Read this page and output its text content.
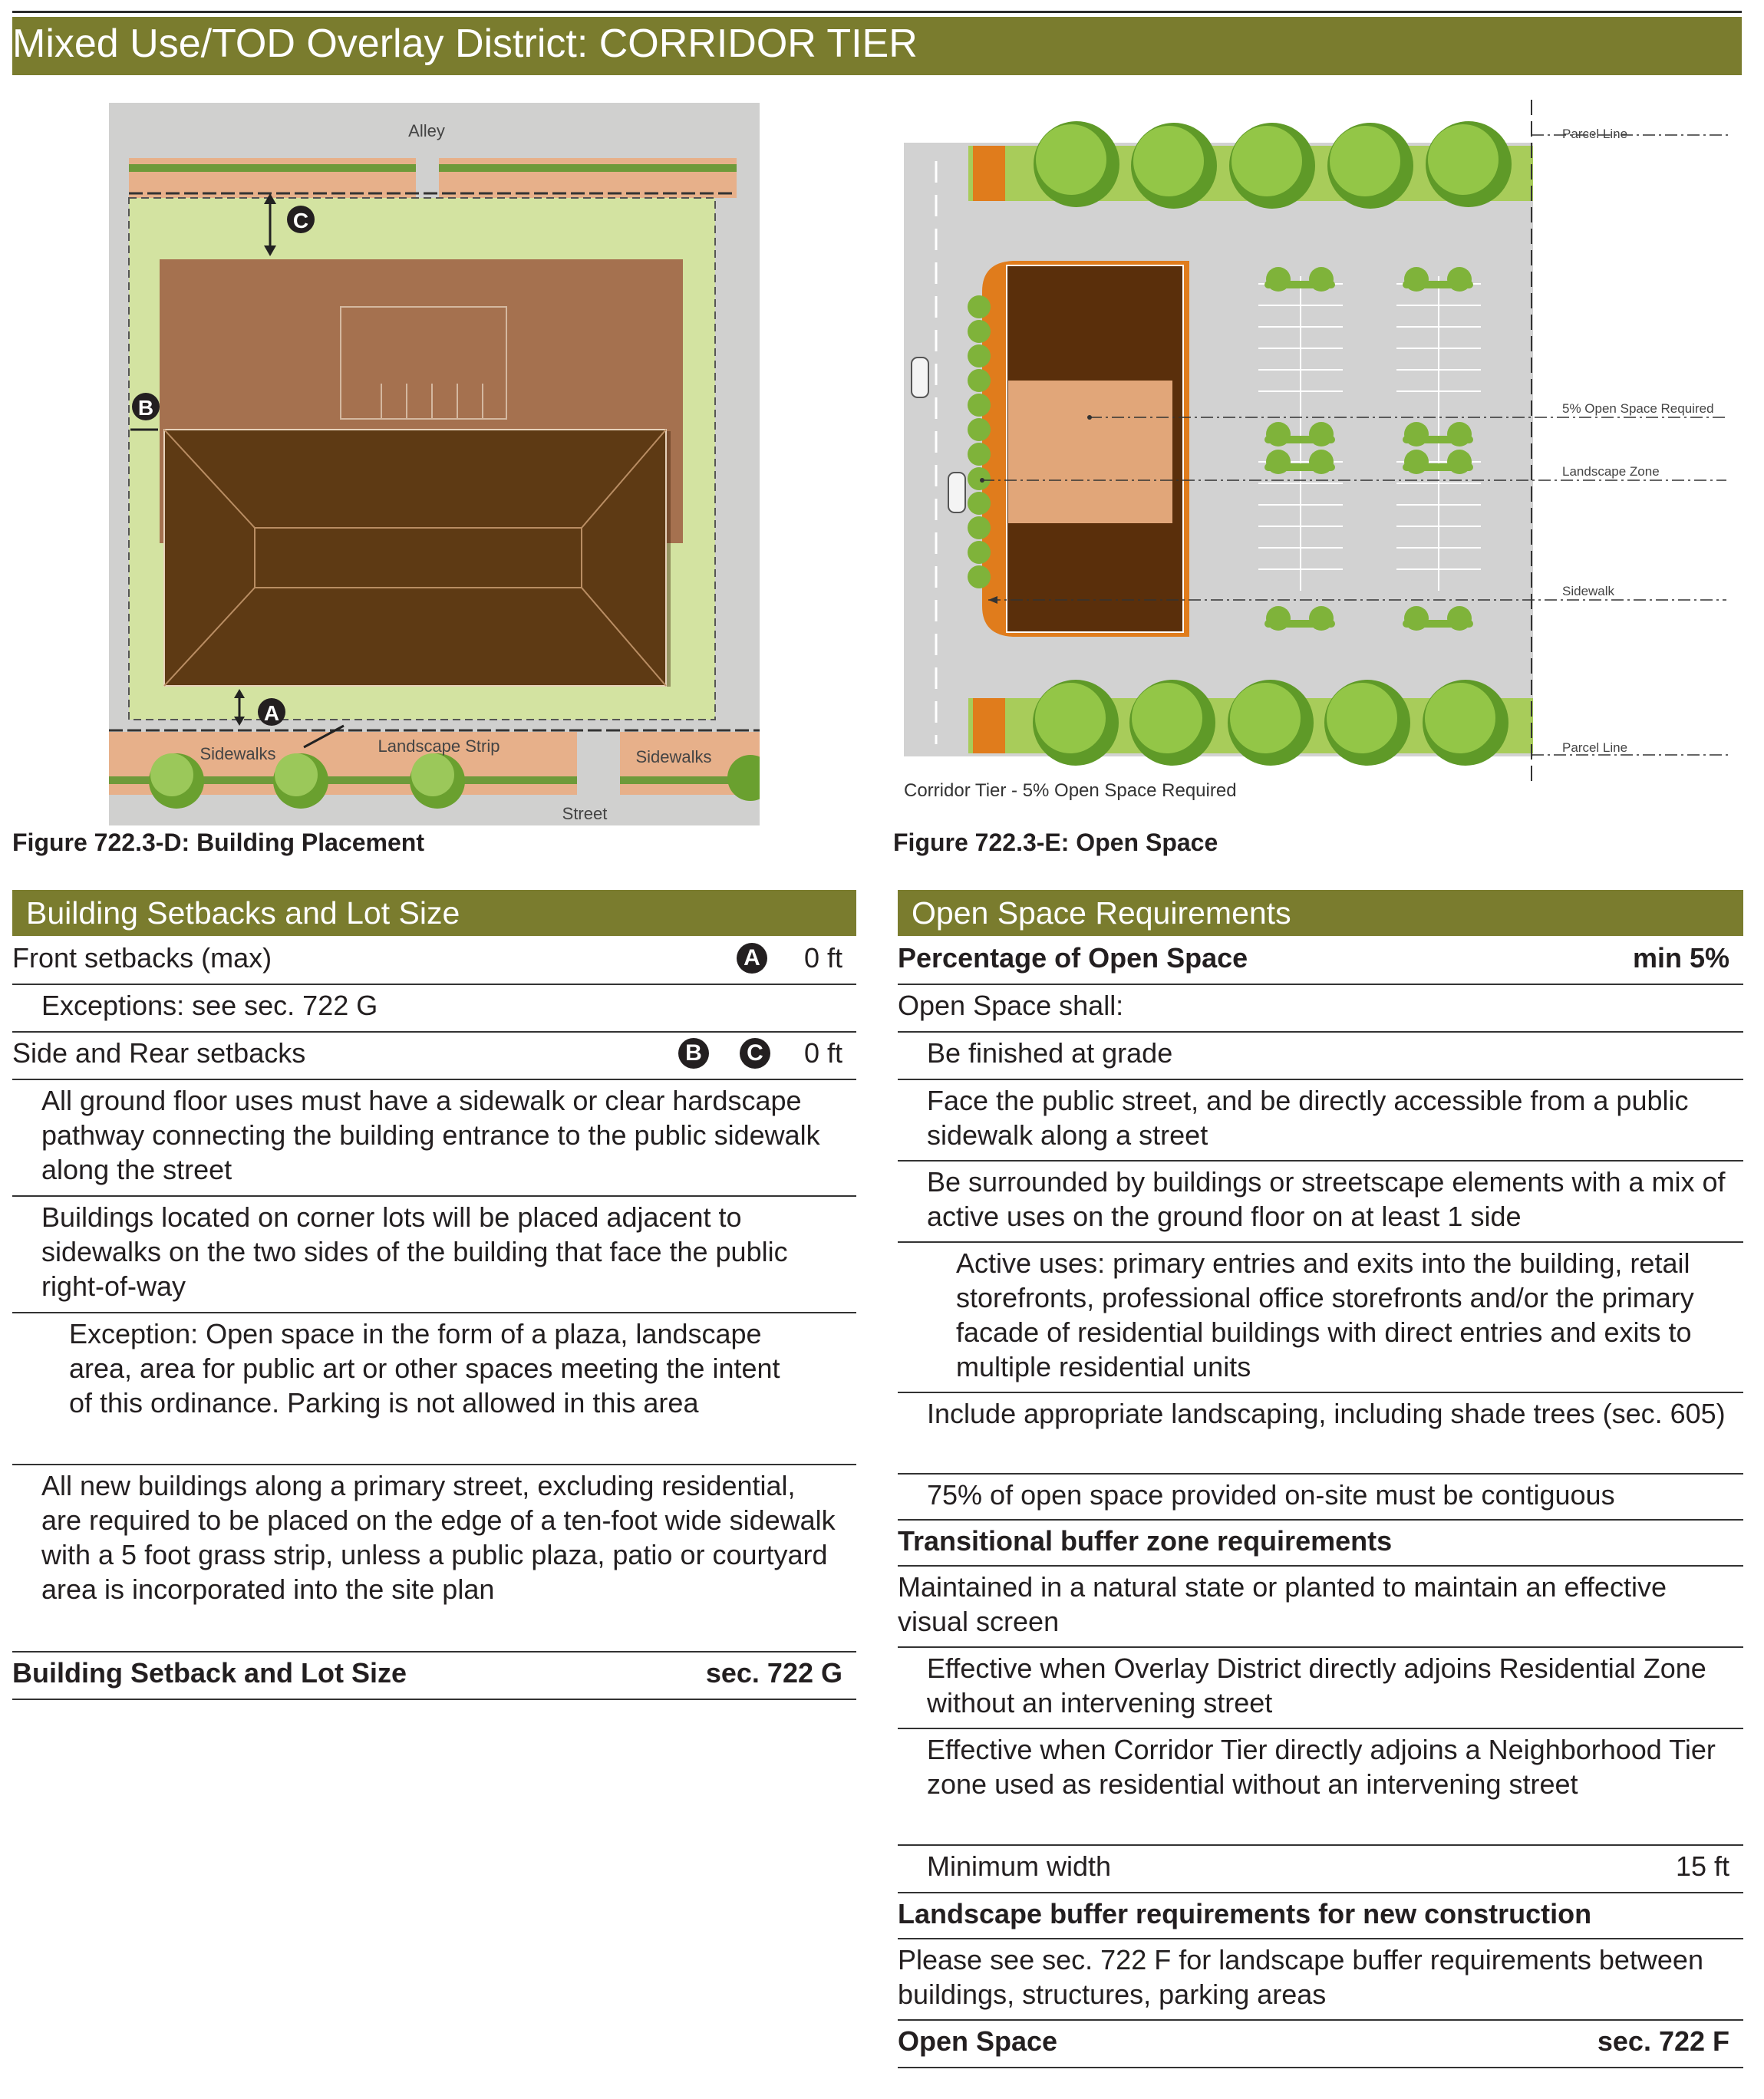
Mixed Use/TOD Overlay District: CORRIDOR TIER
C
B
A
Alley
Sidewalks	Landscape Strip
Sidewalks
Street
Figure 722.3-D: Building Placement
Parcel Line
5% Open Space Required
Landscape Zone
Sidewalk
Parcel Line
Corridor Tier - 5% Open Space Required
Figure 722.3-E: Open Space
Building Setbacks and Lot Size
Front setbacks (max)	A 0 ft
Exceptions: see sec. 722 G
Side and Rear setbacks	B	C 0 ft
All ground floor uses must have a sidewalk or clear hardscape pathway connecting the building entrance to the public sidewalk along the street
Buildings located on corner lots will be placed adjacent to sidewalks on the two sides of the building that face the public right-of-way
Exception: Open space in the form of a plaza, landscape area, area for public art or other spaces meeting the intent of this ordinance. Parking is not allowed in this area
All new buildings along a primary street, excluding residential, are required to be placed on the edge of a ten-foot wide sidewalk with a 5 foot grass strip, unless a public plaza, patio or courtyard area is incorporated into the site plan
Building Setback and Lot Size	sec. 722 G
Open Space Requirements
Percentage of Open Space	min 5%
Open Space shall:
Be finished at grade
Face the public street, and be directly accessible from a public sidewalk along a street
Be surrounded by buildings or streetscape elements with a mix of active uses on the ground floor on at least 1 side
Active uses: primary entries and exits into the building, retail storefronts, professional office storefronts and/or the primary facade of residential buildings with direct entries and exits to multiple residential units
Include appropriate landscaping, including shade trees (sec. 605)
75% of open space provided on-site must be contiguous
Transitional buffer zone requirements
Maintained in a natural state or planted to maintain an effective visual screen
Effective when Overlay District directly adjoins Residential Zone without an intervening street
Effective when Corridor Tier directly adjoins a Neighborhood Tier zone used as residential without an intervening street
Minimum width	15 ft
Landscape buffer requirements for new construction
Please see sec. 722 F for landscape buffer requirements between buildings, structures, parking areas
Open Space	sec. 722 F
